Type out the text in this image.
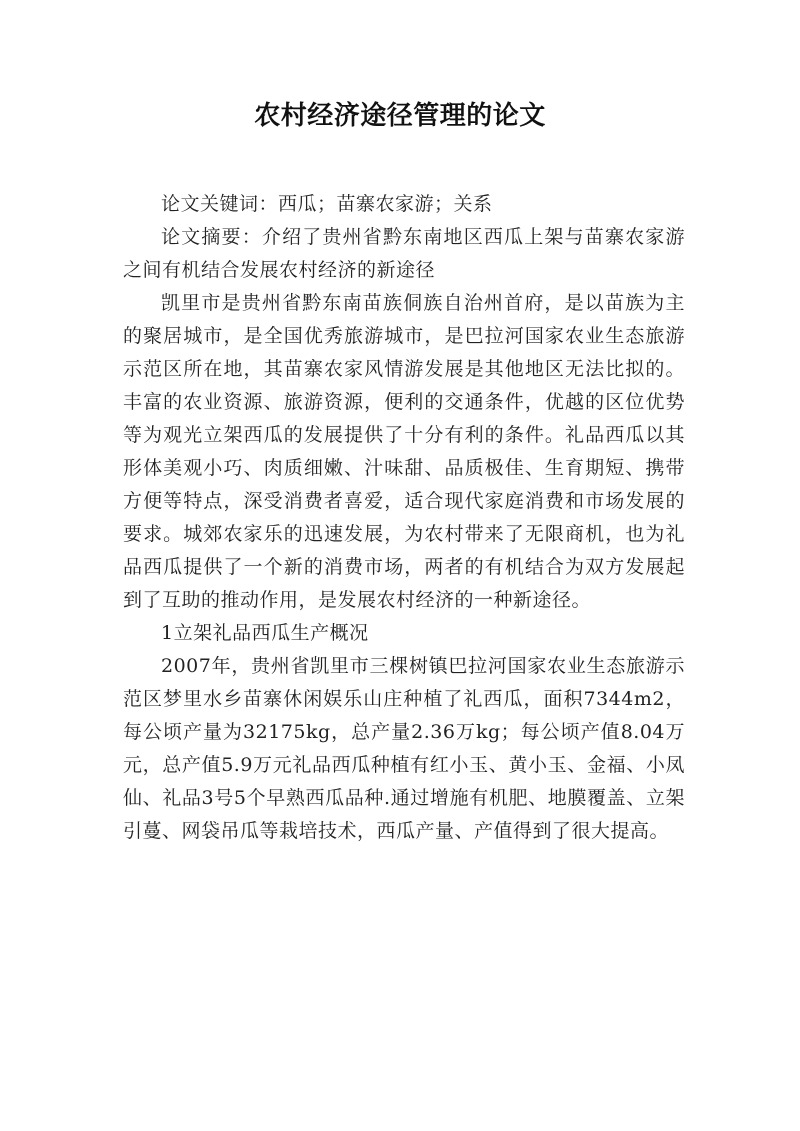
农村经济途径管理的论文

论文关键词：西瓜；苗寨农家游；关系

论文摘要：介绍了贵州省黔东南地区西瓜上架与苗寨农家游之间有机结合发展农村经济的新途径

凯里市是贵州省黔东南苗族侗族自治州首府，是以苗族为主的聚居城市，是全国优秀旅游城市，是巴拉河国家农业生态旅游示范区所在地，其苗寨农家风情游发展是其他地区无法比拟的。丰富的农业资源、旅游资源，便利的交通条件，优越的区位优势等为观光立架西瓜的发展提供了十分有利的条件。礼品西瓜以其形体美观小巧、肉质细嫩、汁味甜、品质极佳、生育期短、携带方便等特点，深受消费者喜爱，适合现代家庭消费和市场发展的要求。城郊农家乐的迅速发展，为农村带来了无限商机，也为礼品西瓜提供了一个新的消费市场，两者的有机结合为双方发展起到了互助的推动作用，是发展农村经济的一种新途径。

1立架礼品西瓜生产概况

2007年，贵州省凯里市三棵树镇巴拉河国家农业生态旅游示范区梦里水乡苗寨休闲娱乐山庄种植了礼西瓜，面积7344m2，每公顷产量为32175kg，总产量2.36万kg；每公顷产值8.04万元，总产值5.9万元礼品西瓜种植有红小玉、黄小玉、金福、小凤仙、礼品3号5个早熟西瓜品种.通过增施有机肥、地膜覆盖、立架引蔓、网袋吊瓜等栽培技术，西瓜产量、产值得到了很大提高。
